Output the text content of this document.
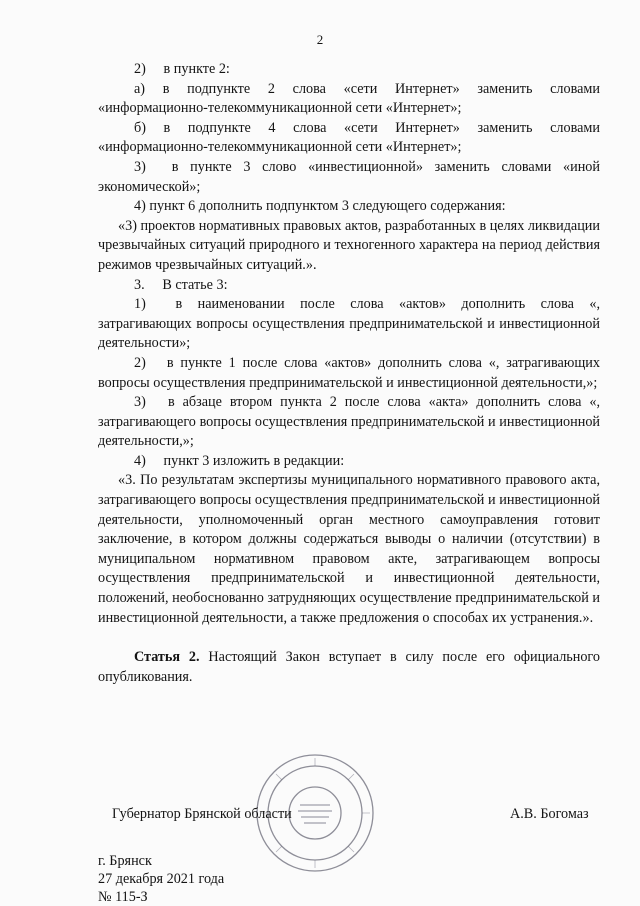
2

2)  в пункте 2:

а) в подпункте 2 слова «сети Интернет» заменить словами «информационно-телекоммуникационной сети «Интернет»;

б) в подпункте 4 слова «сети Интернет» заменить словами «информационно-телекоммуникационной сети «Интернет»;

3)  в пункте 3 слово «инвестиционной» заменить словами «иной экономической»;

4) пункт 6 дополнить подпунктом 3 следующего содержания:

«3) проектов нормативных правовых актов, разработанных в целях ликвидации чрезвычайных ситуаций природного и техногенного характера на период действия режимов чрезвычайных ситуаций.».

3.  В статье 3:

1)  в наименовании после слова «актов» дополнить слова «, затрагивающих вопросы осуществления предпринимательской и инвестиционной деятельности»;

2)  в пункте 1 после слова «актов» дополнить слова «, затрагивающих вопросы осуществления предпринимательской и инвестиционной деятельности,»;

3)  в абзаце втором пункта 2 после слова «акта» дополнить слова «, затрагивающего вопросы осуществления предпринимательской и инвестиционной деятельности,»;

4)  пункт 3 изложить в редакции:

«3. По результатам экспертизы муниципального нормативного правового акта, затрагивающего вопросы осуществления предпринимательской и инвестиционной деятельности, уполномоченный орган местного самоуправления готовит заключение, в котором должны содержаться выводы о наличии (отсутствии) в муниципальном нормативном правовом акте, затрагивающем вопросы осуществления предпринимательской и инвестиционной деятельности, положений, необоснованно затрудняющих осуществление предпринимательской и инвестиционной деятельности, а также предложения о способах их устранения.».

Статья 2. Настоящий Закон вступает в силу после его официального опубликования.

Губернатор Брянской области	А.В. Богомаз
г. Брянск
27 декабря 2021 года
№ 115-З
